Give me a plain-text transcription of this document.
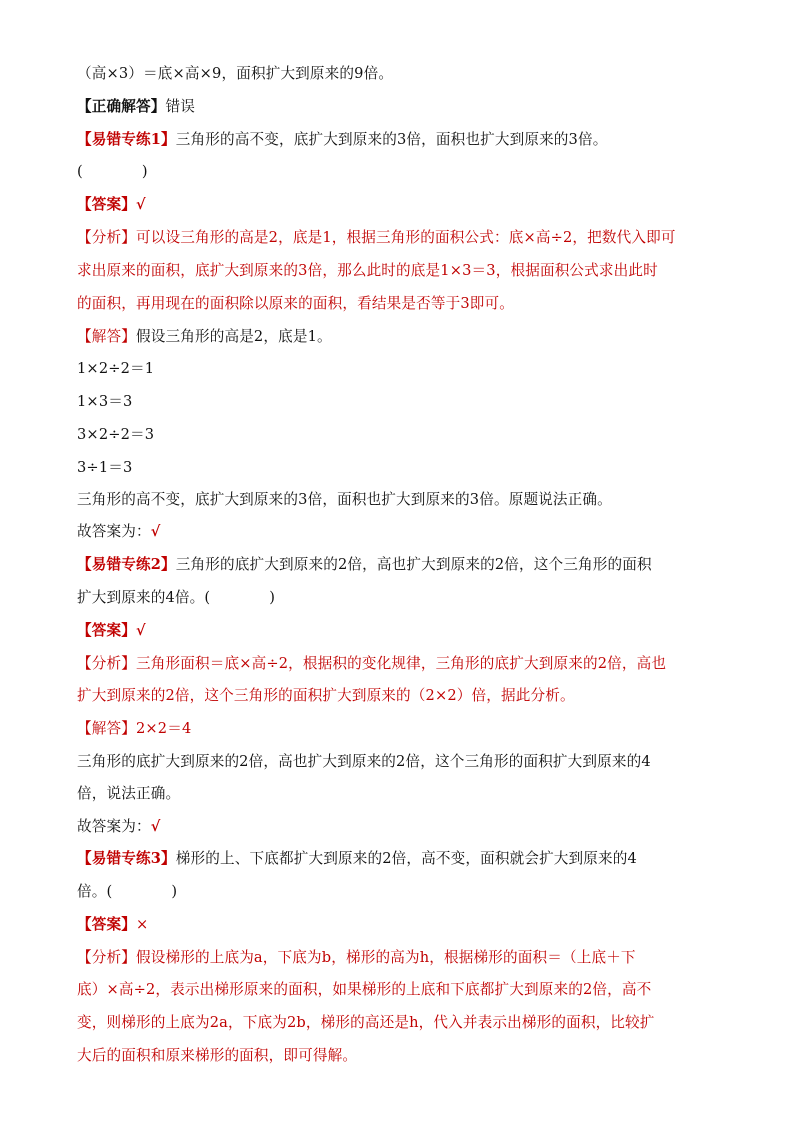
（高×3）＝底×高×9，面积扩大到原来的9倍。
【正确解答】错误
【易错专练1】三角形的高不变，底扩大到原来的3倍，面积也扩大到原来的3倍。
(　　　　)
【答案】√
【分析】可以设三角形的高是2，底是1，根据三角形的面积公式：底×高÷2，把数代入即可
求出原来的面积，底扩大到原来的3倍，那么此时的底是1×3＝3，根据面积公式求出此时
的面积，再用现在的面积除以原来的面积，看结果是否等于3即可。
【解答】假设三角形的高是2，底是1。
1×2÷2＝1
1×3＝3
3×2÷2＝3
3÷1＝3
三角形的高不变，底扩大到原来的3倍，面积也扩大到原来的3倍。原题说法正确。
故答案为：√
【易错专练2】三角形的底扩大到原来的2倍，高也扩大到原来的2倍，这个三角形的面积
扩大到原来的4倍。(　　　　)
【答案】√
【分析】三角形面积＝底×高÷2，根据积的变化规律，三角形的底扩大到原来的2倍，高也
扩大到原来的2倍，这个三角形的面积扩大到原来的（2×2）倍，据此分析。
【解答】2×2＝4
三角形的底扩大到原来的2倍，高也扩大到原来的2倍，这个三角形的面积扩大到原来的4
倍，说法正确。
故答案为：√
【易错专练3】梯形的上、下底都扩大到原来的2倍，高不变，面积就会扩大到原来的4
倍。(　　　　)
【答案】×
【分析】假设梯形的上底为a，下底为b，梯形的高为h，根据梯形的面积＝（上底＋下
底）×高÷2，表示出梯形原来的面积，如果梯形的上底和下底都扩大到原来的2倍，高不
变，则梯形的上底为2a，下底为2b，梯形的高还是h，代入并表示出梯形的面积，比较扩
大后的面积和原来梯形的面积，即可得解。
